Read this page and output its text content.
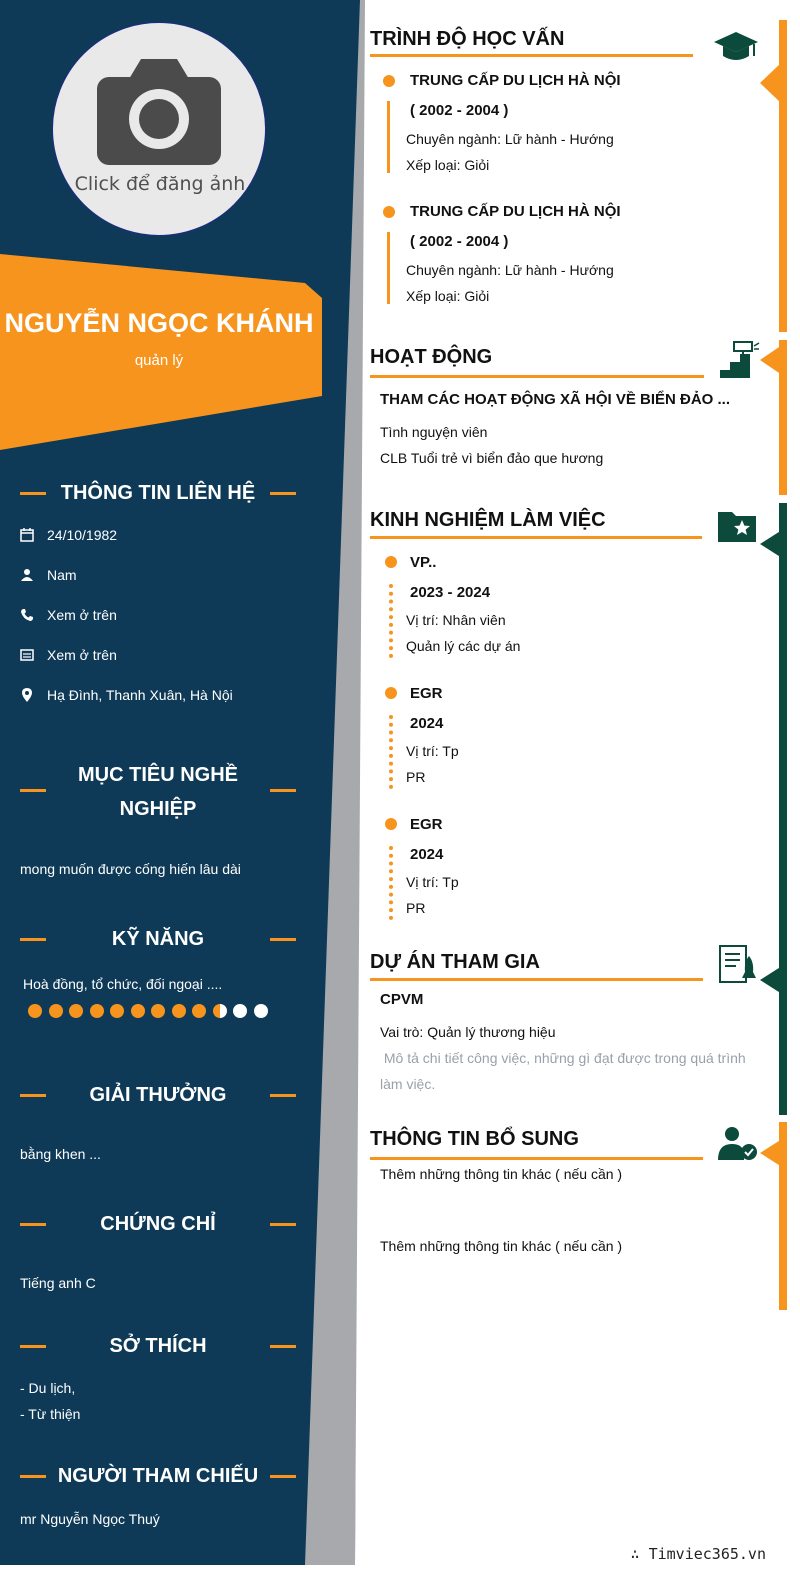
Click để đăng ảnh
NGUYỄN NGỌC KHÁNH
quản lý
THÔNG TIN LIÊN HỆ
24/10/1982
Nam
Xem ở trên
Xem ở trên
Hạ Đình, Thanh Xuân, Hà Nội
MỤC TIÊU NGHỀ
NGHIỆP
mong muốn được cống hiến lâu dài
KỸ NĂNG
Hoà đồng, tổ chức, đối ngoại ....
GIẢI THƯỞNG
bằng khen ...
CHỨNG CHỈ
Tiếng anh C
SỞ THÍCH
- Du lịch,
- Từ thiện
NGƯỜI THAM CHIẾU
mr Nguyễn Ngọc Thuý
TRÌNH ĐỘ HỌC VẤN
TRUNG CẤP DU LỊCH HÀ NỘI
( 2002 - 2004 )
Chuyên ngành: Lữ hành - Hướng
Xếp loại: Giỏi
TRUNG CẤP DU LỊCH HÀ NỘI
( 2002 - 2004 )
Chuyên ngành: Lữ hành - Hướng
Xếp loại: Giỏi
HOẠT ĐỘNG
THAM CÁC HOẠT ĐỘNG XÃ HỘI VỀ BIỂN ĐẢO ...
Tình nguyện viên
CLB Tuổi trẻ vì biển đảo que hương
KINH NGHIỆM LÀM VIỆC
VP..
2023 - 2024
Vị trí: Nhân viên
Quản lý các dự án
EGR
2024
Vị trí: Tp
PR
EGR
2024
Vị trí: Tp
PR
DỰ ÁN THAM GIA
CPVM
Vai trò: Quản lý thương hiệu
Mô tả chi tiết công việc, những gì đạt được trong quá trình
làm việc.
THÔNG TIN BỔ SUNG
Thêm những thông tin khác ( nếu cần )
Thêm những thông tin khác ( nếu cần )
∴ Timviec365.vn
